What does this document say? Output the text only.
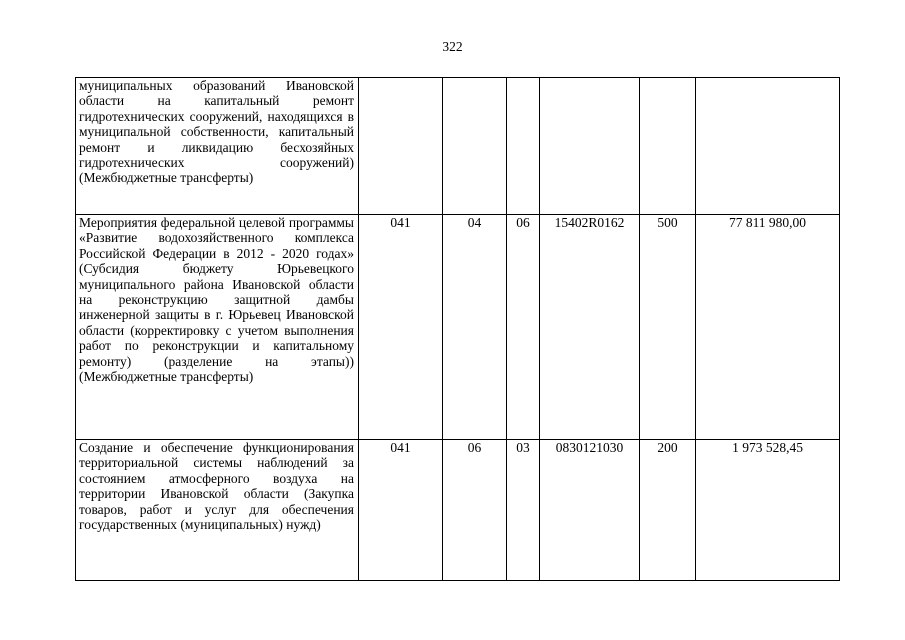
322
муниципальных образований Ивановской области на капитальный ремонт гидротехнических сооружений, находящихся в муниципальной собственности, капитальный ремонт и ликвидацию бесхозяйных гидротехнических сооружений) (Межбюджетные трансферты)						
Мероприятия федеральной целевой программы «Развитие водохозяйственного комплекса Российской Федерации в 2012 - 2020 годах» (Субсидия бюджету Юрьевецкого муниципального района Ивановской области на реконструкцию защитной дамбы инженерной защиты в г. Юрьевец Ивановской области (корректировку с учетом выполнения работ по реконструкции и капитальному ремонту) (разделение на этапы)) (Межбюджетные трансферты)	041	04	06	15402R0162	500	77 811 980,00
Создание и обеспечение функционирования территориальной системы наблюдений за состоянием атмосферного воздуха на территории Ивановской области (Закупка товаров, работ и услуг для обеспечения государственных (муниципальных) нужд)	041	06	03	0830121030	200	1 973 528,45
